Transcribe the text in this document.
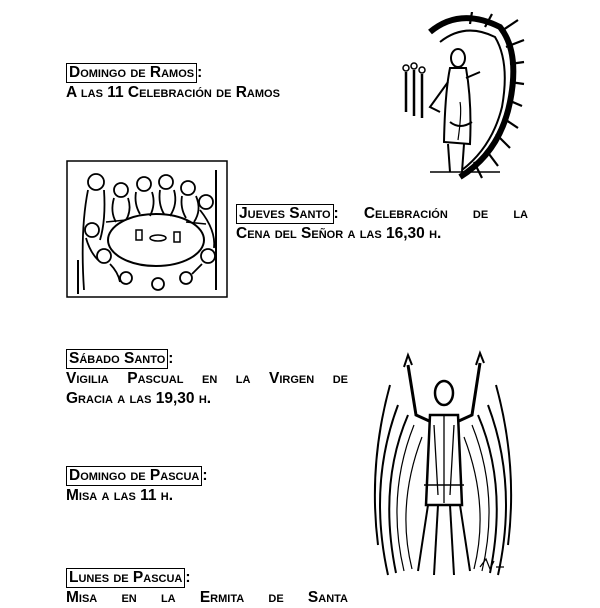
Domingo de Ramos :
A las 11 Celebración de Ramos
Jueves Santo : Celebración de la
Cena del Señor a las 16,30 h.
Sábado Santo :
Vigilia Pascual en la Virgen de
Gracia a las 19,30 h.
Domingo de Pascua :
Misa a las 11 h.
Lunes de Pascua :
Misa en la Ermita de Santa
